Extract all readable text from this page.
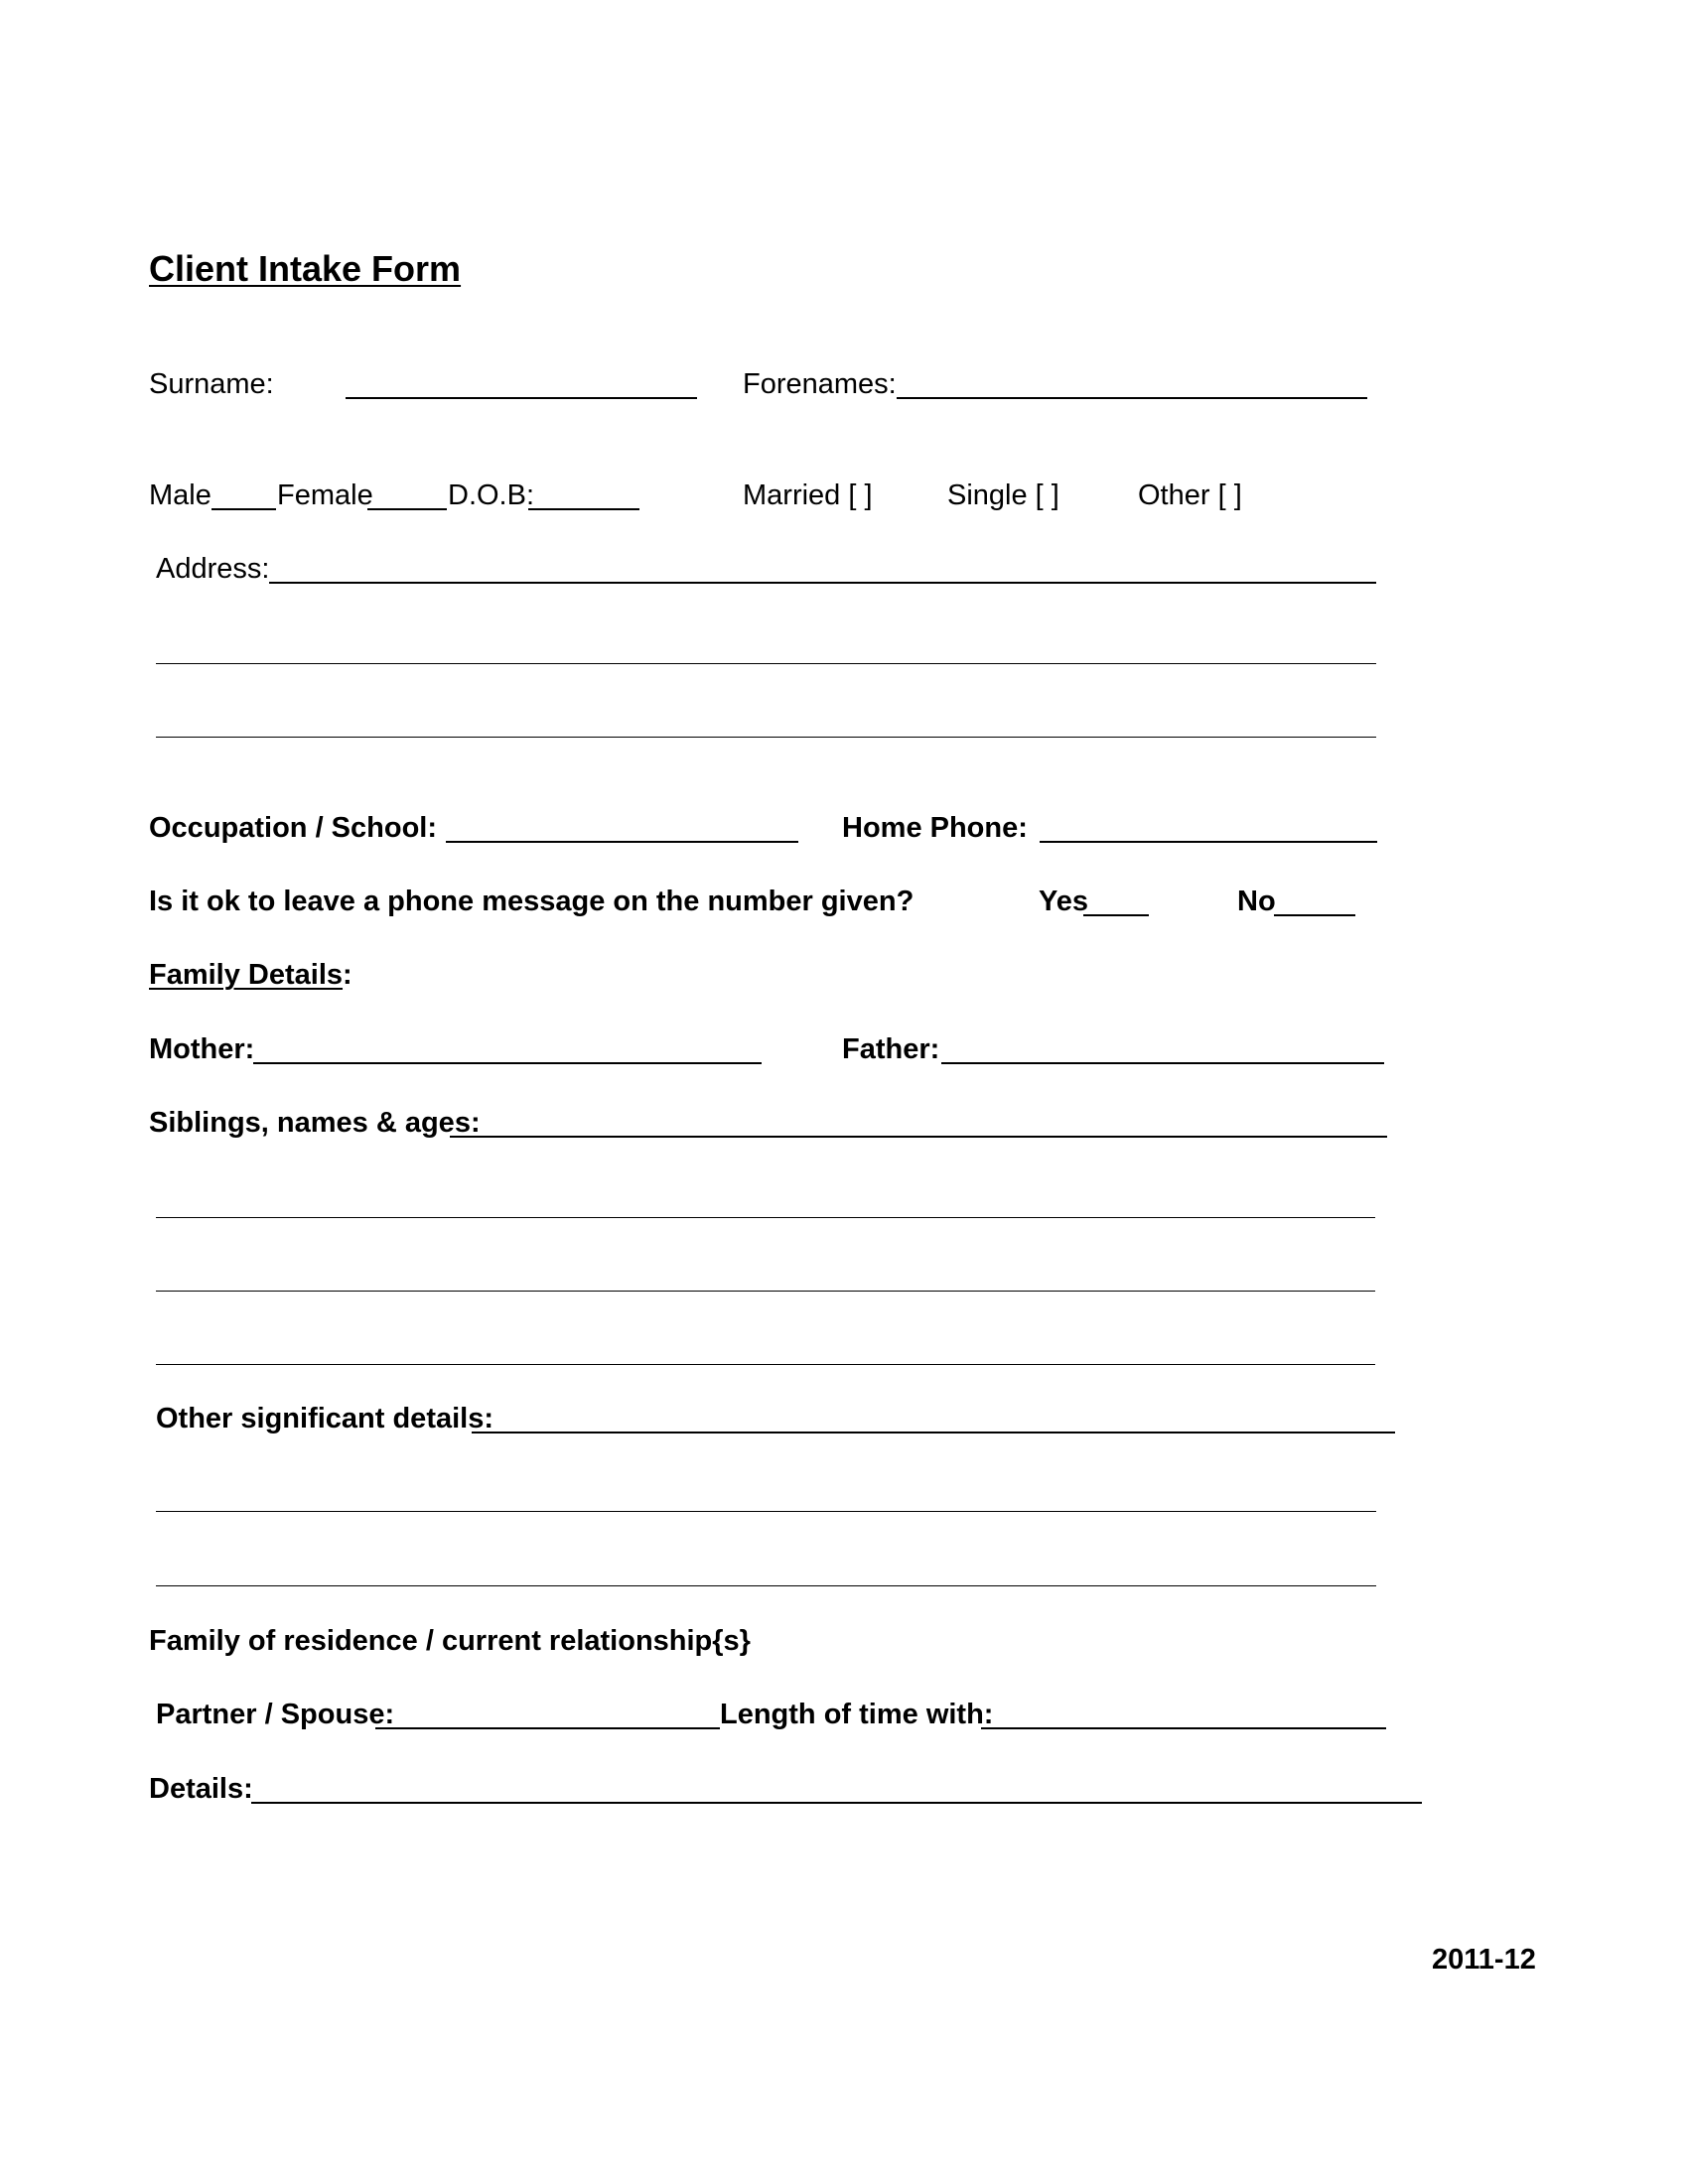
Client Intake Form
Surname:	Forenames:
Male Female	D.O.B:	Married [ ]	Single [ ]	Other [ ]
Address:
Occupation / School:	Home Phone:
Is it ok to leave a phone message on the number given?	Yes	No
Family Details:
Mother:	Father:
Siblings, names & ages:
Other significant details:
Family of residence / current relationship{s}
Partner / Spouse:	Length of time with:
Details:
2011-12
